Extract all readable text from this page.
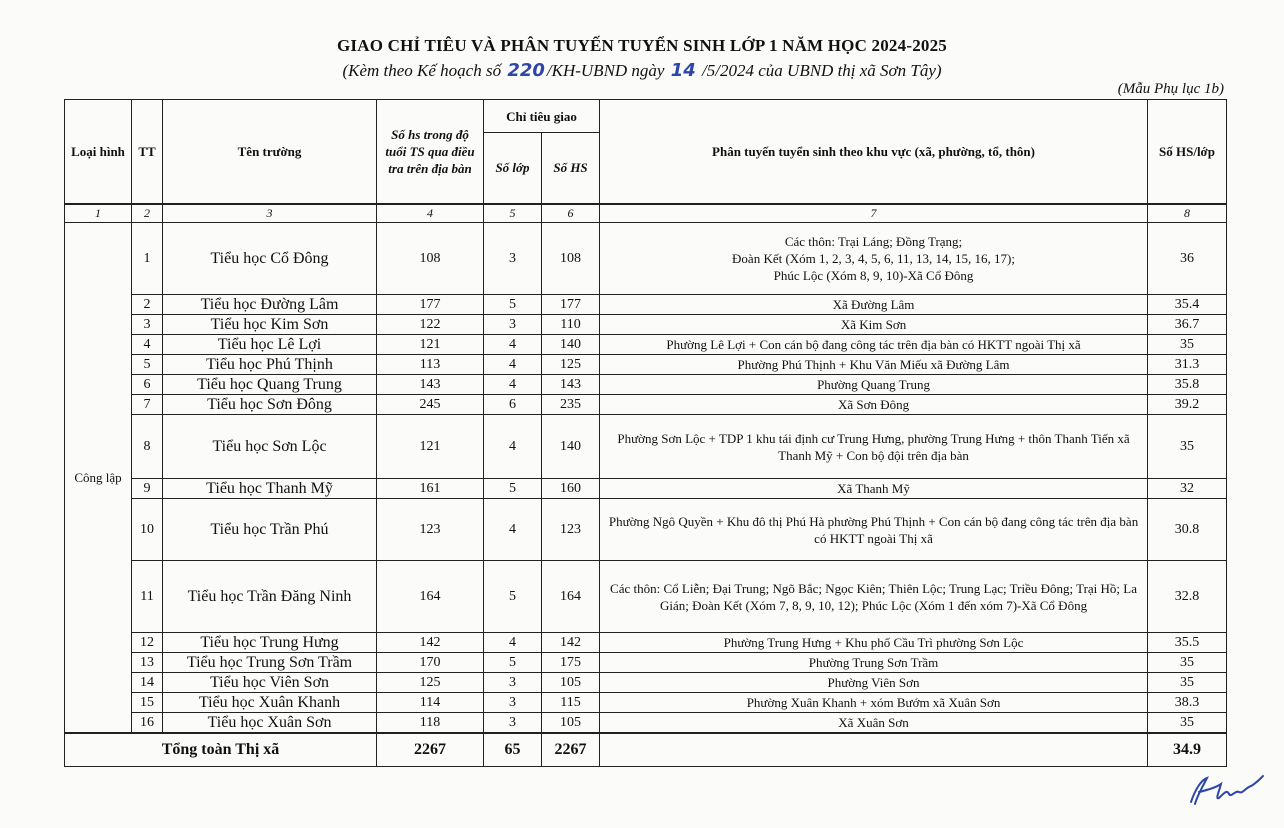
GIAO CHỈ TIÊU VÀ PHÂN TUYẾN TUYỂN SINH LỚP 1 NĂM HỌC 2024-2025
(Kèm theo Kế hoạch số 220 /KH-UBND ngày 14 /5/2024 của UBND thị xã Sơn Tây)
(Mẫu Phụ lục 1b)
Loại hình	TT	Tên trường	Số hs trong độ tuổi TS qua điều tra trên địa bàn	Chỉ tiêu giao		Phân tuyến tuyển sinh theo khu vực (xã, phường, tổ, thôn)	Số HS/lớp
				Số lớp	Số HS		
1	2	3	4	5	6	7	8
Công lập	1	Tiểu học Cổ Đông	108	3	108	Các thôn: Trại Láng; Đồng Trạng;
Đoàn Kết (Xóm 1, 2, 3, 4, 5, 6, 11, 13, 14, 15, 16, 17);
Phúc Lộc (Xóm 8, 9, 10)-Xã Cổ Đông	36
	2	Tiểu học Đường Lâm	177	5	177	Xã Đường Lâm	35.4
	3	Tiểu học Kim Sơn	122	3	110	Xã Kim Sơn	36.7
	4	Tiểu học Lê Lợi	121	4	140	Phường Lê Lợi + Con cán bộ đang công tác trên địa bàn có HKTT ngoài Thị xã	35
	5	Tiểu học Phú Thịnh	113	4	125	Phường Phú Thịnh + Khu Văn Miếu xã Đường Lâm	31.3
	6	Tiểu học Quang Trung	143	4	143	Phường Quang Trung	35.8
	7	Tiểu học Sơn Đông	245	6	235	Xã Sơn Đông	39.2
	8	Tiểu học Sơn Lộc	121	4	140	Phường Sơn Lộc + TDP 1 khu tái định cư Trung Hưng, phường Trung Hưng + thôn Thanh Tiến xã Thanh Mỹ + Con bộ đội trên địa bàn	35
	9	Tiểu học Thanh Mỹ	161	5	160	Xã Thanh Mỹ	32
	10	Tiểu học Trần Phú	123	4	123	Phường Ngô Quyền + Khu đô thị Phú Hà phường Phú Thịnh + Con cán bộ đang công tác trên địa bàn có HKTT ngoài Thị xã	30.8
	11	Tiểu học Trần Đăng Ninh	164	5	164	Các thôn: Cổ Liễn; Đại Trung; Ngõ Bắc; Ngọc Kiên; Thiên Lộc; Trung Lạc; Triều Đông; Trại Hồ; La Gián; Đoàn Kết (Xóm 7, 8, 9, 10, 12); Phúc Lộc (Xóm 1 đến xóm 7)-Xã Cổ Đông	32.8
	12	Tiểu học Trung Hưng	142	4	142	Phường Trung Hưng + Khu phố Cầu Trì phường Sơn Lộc	35.5
	13	Tiểu học Trung Sơn Trầm	170	5	175	Phường Trung Sơn Trầm	35
	14	Tiểu học Viên Sơn	125	3	105	Phường Viên Sơn	35
	15	Tiểu học Xuân Khanh	114	3	115	Phường Xuân Khanh + xóm Bướm xã Xuân Sơn	38.3
	16	Tiểu học Xuân Sơn	118	3	105	Xã Xuân Sơn	35
Tổng toàn Thị xã			2267	65	2267		34.9
